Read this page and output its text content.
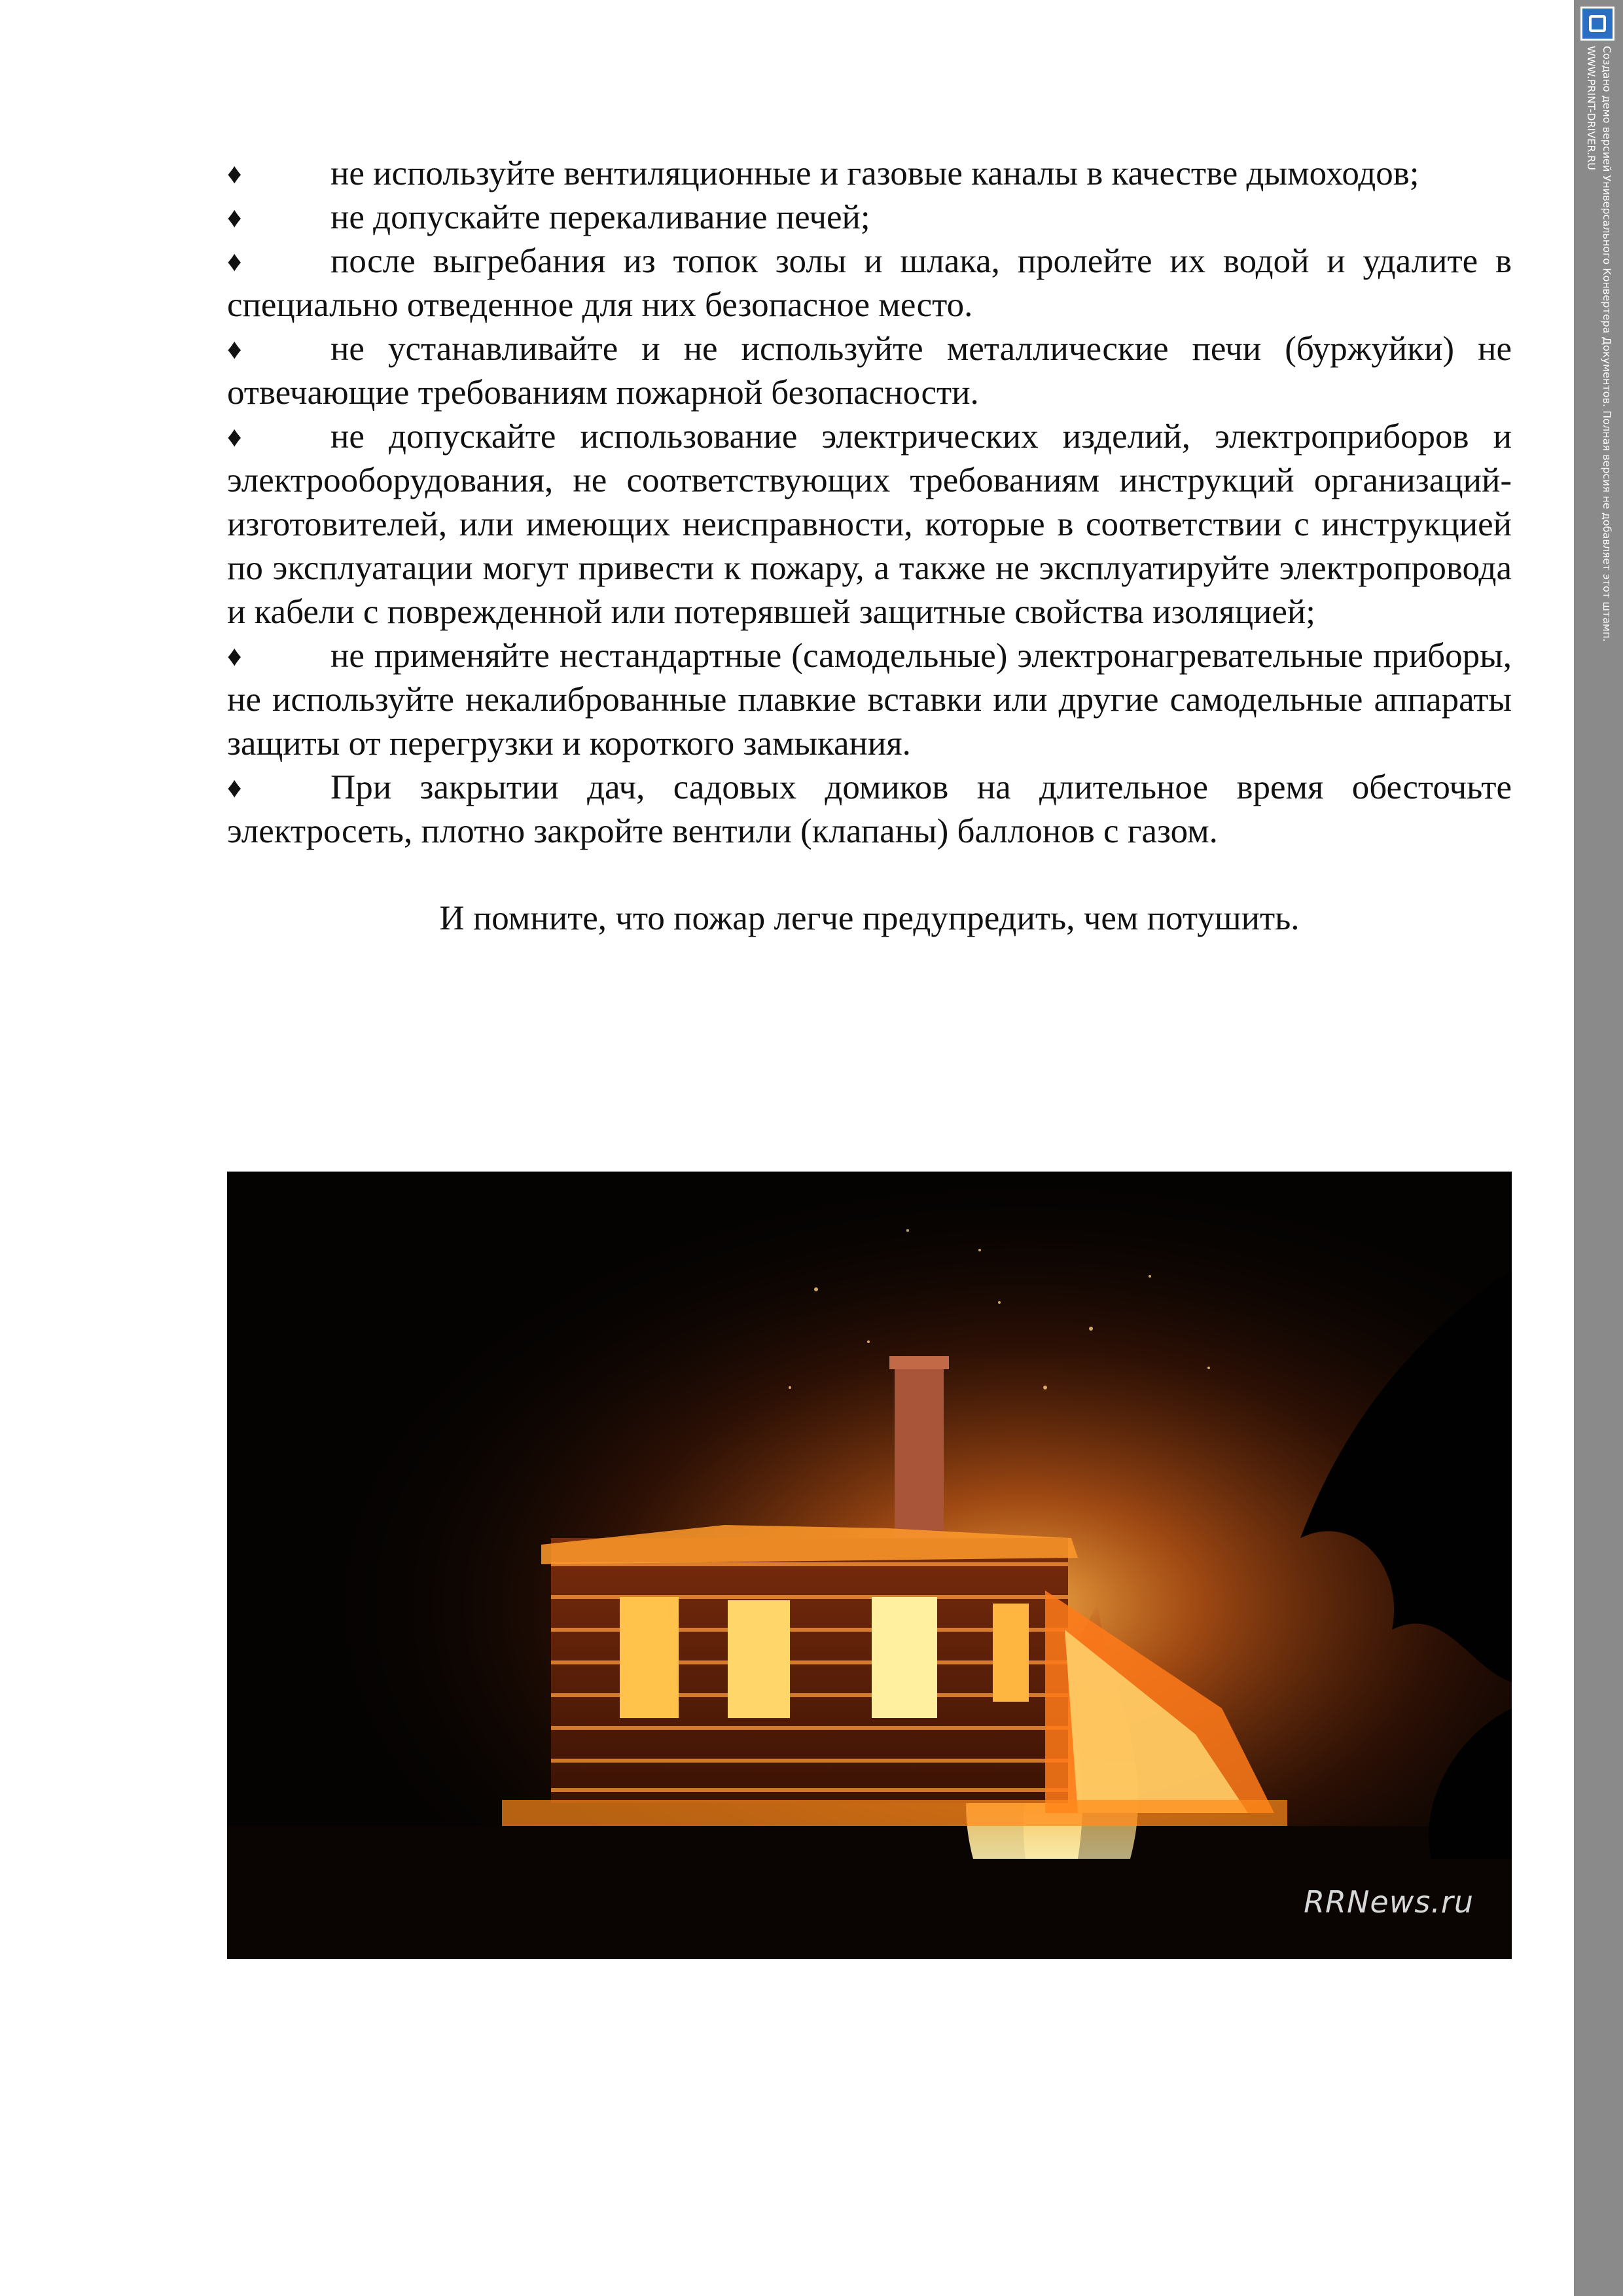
♦	не используйте вентиляционные и газовые каналы в качестве дымоходов;

♦	не допускайте перекаливание печей;

♦	после выгребания из топок золы и шлака, пролейте их водой и удалите в специально отведенное для них безопасное место.

♦	не устанавливайте и не используйте металлические печи (буржуйки) не отвечающие требованиям пожарной безопасности.

♦	не допускайте использование электрических изделий, электроприборов и электрооборудования, не соответствующих требованиям инструкций организаций-изготовителей, или имеющих неисправности, которые в соответствии с инструкцией по эксплуатации могут привести к пожару, а также не эксплуатируйте электропровода и кабели с поврежденной или потерявшей защитные свойства изоляцией;

♦	не применяйте нестандартные (самодельные) электронагревательные приборы, не используйте некалиброванные плавкие вставки или другие самодельные аппараты защиты от перегрузки и короткого замыкания.

♦	При закрытии дач, садовых домиков на длительное время обесточьте электросеть, плотно закройте вентили (клапаны) баллонов с газом.

И помните, что пожар легче предупредить, чем потушить.

RRNews.ru
Создано демо версией Универсального Конвертера Документов. Полная версия не добавляет этот штамп.
WWW.PRINT-DRIVER.RU
